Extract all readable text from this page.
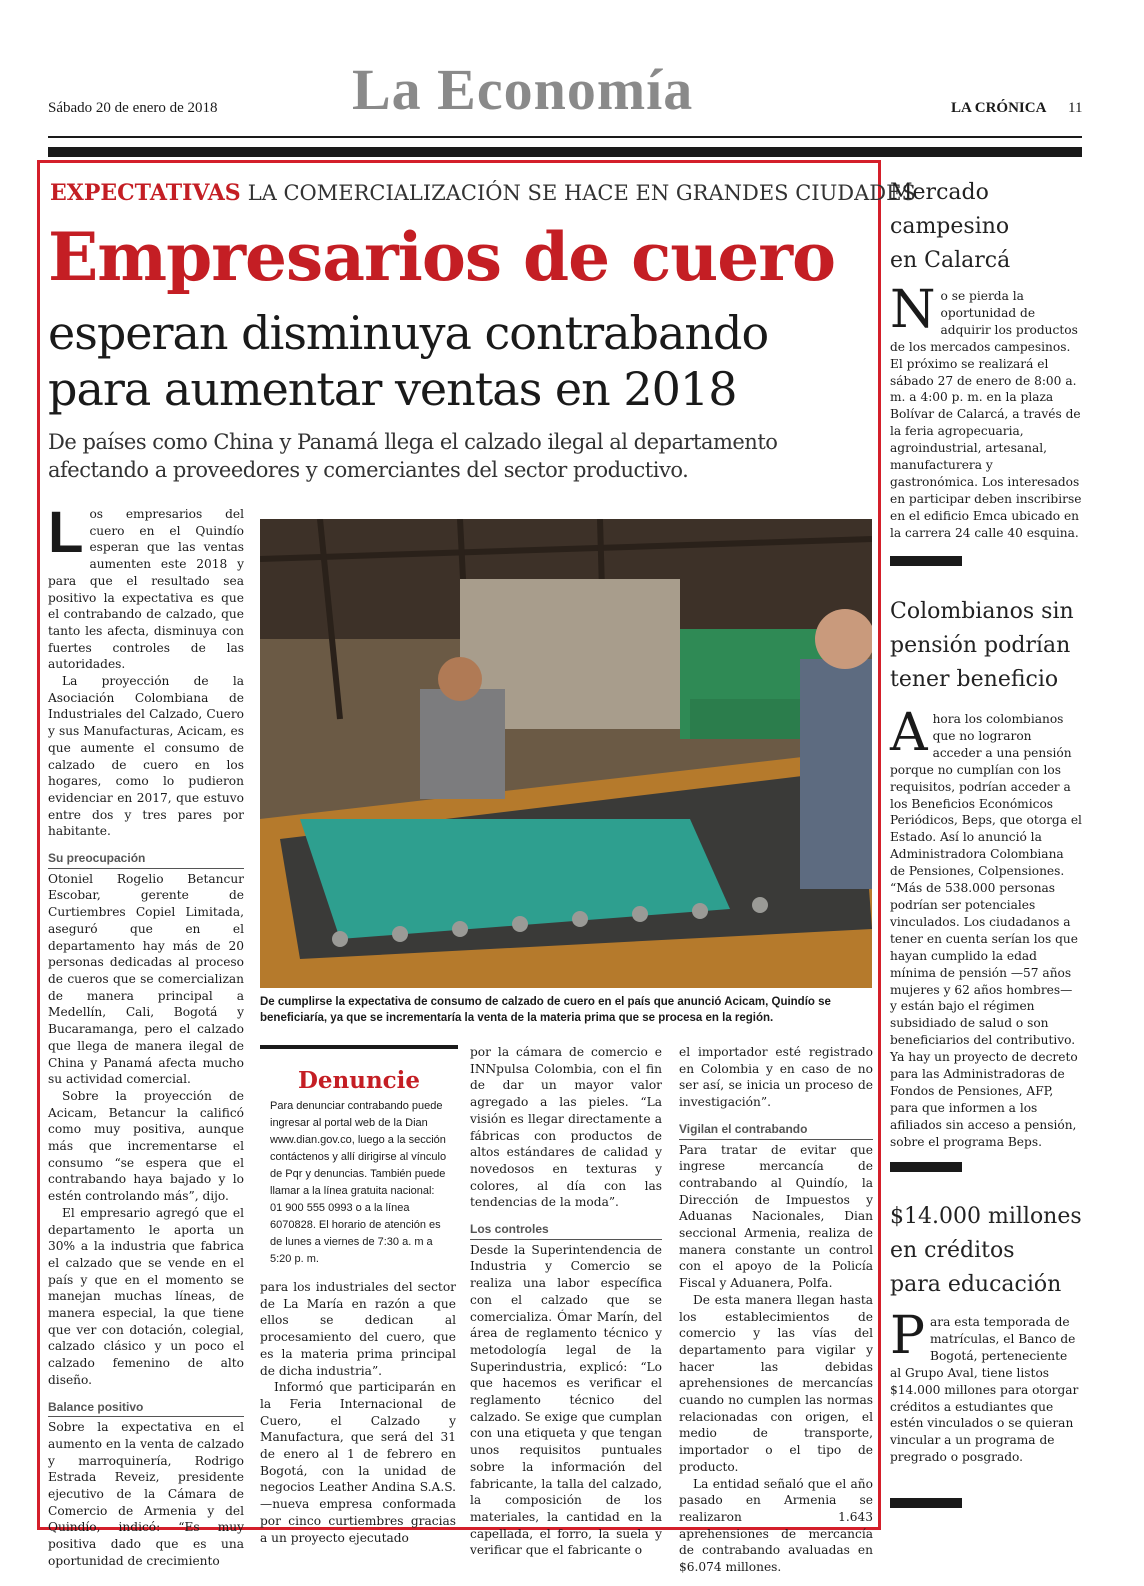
Sábado 20 de enero de 2018 La Economía	LA CRÓNICA 11
EXPECTATIVAS LA COMERCIALIZACIÓN SE HACE EN GRANDES CIUDADES
Empresarios de cuero
esperan disminuya contrabando
para aumentar ventas en 2018
De países como China y Panamá llega el calzado ilegal al departamento afectando a proveedores y comerciantes del sector productivo.

Los empresarios del cuero en el Quindío esperan que las ventas aumenten este 2018 y para que el resultado sea positivo la expectativa es que el contrabando de calzado, que tanto les afecta, disminuya con fuertes controles de las autoridades.

La proyección de la Asociación Colombiana de Industriales del Calzado, Cuero y sus Manufacturas, Acicam, es que aumente el consumo de calzado de cuero en los hogares, como lo pudieron evidenciar en 2017, que estuvo entre dos y tres pares por habitante.

Su preocupación

Otoniel Rogelio Betancur Escobar, gerente de Curtiembres Copiel Limitada, aseguró que en el departamento hay más de 20 personas dedicadas al proceso de cueros que se comercializan de manera principal a Medellín, Cali, Bogotá y Bucaramanga, pero el calzado que llega de manera ilegal de China y Panamá afecta mucho su actividad comercial.

Sobre la proyección de Acicam, Betancur la calificó como muy positiva, aunque más que incrementarse el consumo “se espera que el contrabando haya bajado y lo estén controlando más”, dijo.

El empresario agregó que el departamento le aporta un 30% a la industria que fabrica el calzado que se vende en el país y que en el momento se manejan muchas líneas, de manera especial, la que tiene que ver con dotación, colegial, calzado clásico y un poco el calzado femenino de alto diseño.

Balance positivo

Sobre la expectativa en el aumento en la venta de calzado y marroquinería, Rodrigo Estrada Reveiz, presidente ejecutivo de la Cámara de Comercio de Armenia y del Quindío, indicó: “Es muy positiva dado que es una oportunidad de crecimiento

De cumplirse la expectativa de consumo de calzado de cuero en el país que anunció Acicam, Quindío se beneficiaría, ya que se incrementaría la venta de la materia prima que se procesa en la región.
Denuncie
Para denunciar contrabando puede ingresar al portal web de la Dian www.dian.gov.co, luego a la sección contáctenos y allí dirigirse al vínculo de Pqr y denuncias. También puede llamar a la línea gratuita nacional: 01 900 555 0993 o a la línea 6070828. El horario de atención es de lunes a viernes de 7:30 a. m a 5:20 p. m.

para los industriales del sector de La María en razón a que ellos se dedican al procesamiento del cuero, que es la materia prima principal de dicha industria”.

Informó que participarán en la Feria Internacional de Cuero, el Calzado y Manufactura, que será del 31 de enero al 1 de febrero en Bogotá, con la unidad de negocios Leather Andina S.A.S. —nueva empresa conformada por cinco curtiembres gracias a un proyecto ejecutado

por la cámara de comercio e INNpulsa Colombia, con el fin de dar un mayor valor agregado a las pieles. “La visión es llegar directamente a fábricas con productos de altos estándares de calidad y novedosos en texturas y colores, al día con las tendencias de la moda”.

Los controles

Desde la Superintendencia de Industria y Comercio se realiza una labor específica con el calzado que se comercializa. Ómar Marín, del área de reglamento técnico y metodología legal de la Superindustria, explicó: “Lo que hacemos es verificar el reglamento técnico del calzado. Se exige que cumplan con una etiqueta y que tengan unos requisitos puntuales sobre la información del fabricante, la talla del calzado, la composición de los materiales, la cantidad en la capellada, el forro, la suela y verificar que el fabricante o

el importador esté registrado en Colombia y en caso de no ser así, se inicia un proceso de investigación”.

Vigilan el contrabando

Para tratar de evitar que ingrese mercancía de contrabando al Quindío, la Dirección de Impuestos y Aduanas Nacionales, Dian seccional Armenia, realiza de manera constante un control con el apoyo de la Policía Fiscal y Aduanera, Polfa.

De esta manera llegan hasta los establecimientos de comercio y las vías del departamento para vigilar y hacer las debidas aprehensiones de mercancías cuando no cumplen las normas relacionadas con origen, el medio de transporte, importador o el tipo de producto.

La entidad señaló que el año pasado en Armenia se realizaron 1.643 aprehensiones de mercancía de contrabando avaluadas en $6.074 millones.

Mercado
campesino
en Calarcá
No se pierda la oportunidad de adquirir los productos de los mercados campesinos. El próximo se realizará el sábado 27 de enero de 8:00 a. m. a 4:00 p. m. en la plaza Bolívar de Calarcá, a través de la feria agropecuaria, agroindustrial, artesanal, manufacturera y gastronómica. Los interesados en participar deben inscribirse en el edificio Emca ubicado en la carrera 24 calle 40 esquina.
Colombianos sin
pensión podrían
tener beneficio
Ahora los colombianos que no lograron acceder a una pensión porque no cumplían con los requisitos, podrían acceder a los Beneficios Económicos Periódicos, Beps, que otorga el Estado. Así lo anunció la Administradora Colombiana de Pensiones, Colpensiones. “Más de 538.000 personas podrían ser potenciales vinculados. Los ciudadanos a tener en cuenta serían los que hayan cumplido la edad mínima de pensión —57 años mujeres y 62 años hombres— y están bajo el régimen subsidiado de salud o son beneficiarios del contributivo. Ya hay un proyecto de decreto para las Administradoras de Fondos de Pensiones, AFP, para que informen a los afiliados sin acceso a pensión, sobre el programa Beps.
$14.000 millones
en créditos
para educación
Para esta temporada de matrículas, el Banco de Bogotá, perteneciente al Grupo Aval, tiene listos $14.000 millones para otorgar créditos a estudiantes que estén vinculados o se quieran vincular a un programa de pregrado o posgrado.
